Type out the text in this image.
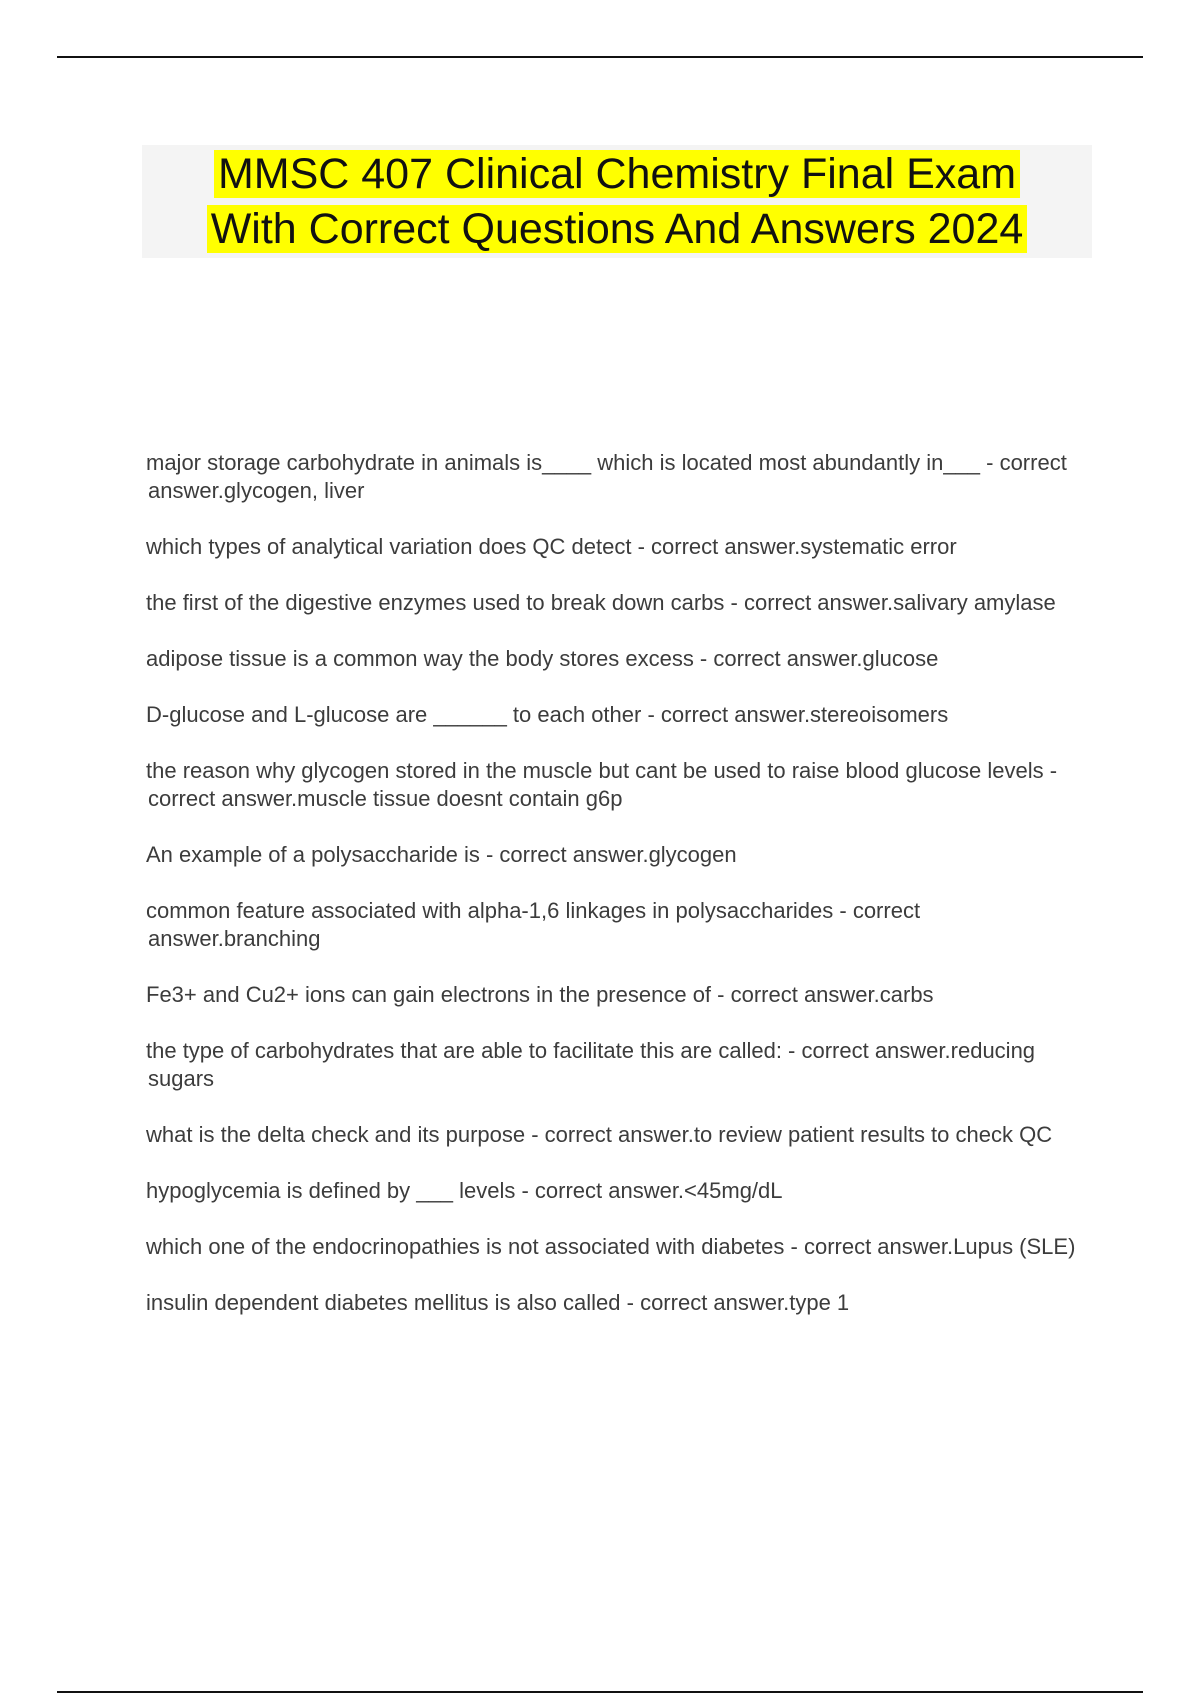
MMSC 407 Clinical Chemistry Final Exam
With Correct Questions And Answers 2024
major storage carbohydrate in animals is____ which is located most abundantly in___ - correct answer.glycogen, liver
which types of analytical variation does QC detect - correct answer.systematic error
the first of the digestive enzymes used to break down carbs - correct answer.salivary amylase
adipose tissue is a common way the body stores excess - correct answer.glucose
D-glucose and L-glucose are ______ to each other - correct answer.stereoisomers
the reason why glycogen stored in the muscle but cant be used to raise blood glucose levels - correct answer.muscle tissue doesnt contain g6p
An example of a polysaccharide is - correct answer.glycogen
common feature associated with alpha-1,6 linkages in polysaccharides - correct answer.branching
Fe3+ and Cu2+ ions can gain electrons in the presence of - correct answer.carbs
the type of carbohydrates that are able to facilitate this are called: - correct answer.reducing sugars
what is the delta check and its purpose - correct answer.to review patient results to check QC
hypoglycemia is defined by ___ levels - correct answer.<45mg/dL
which one of the endocrinopathies is not associated with diabetes - correct answer.Lupus (SLE)
insulin dependent diabetes mellitus is also called - correct answer.type 1
